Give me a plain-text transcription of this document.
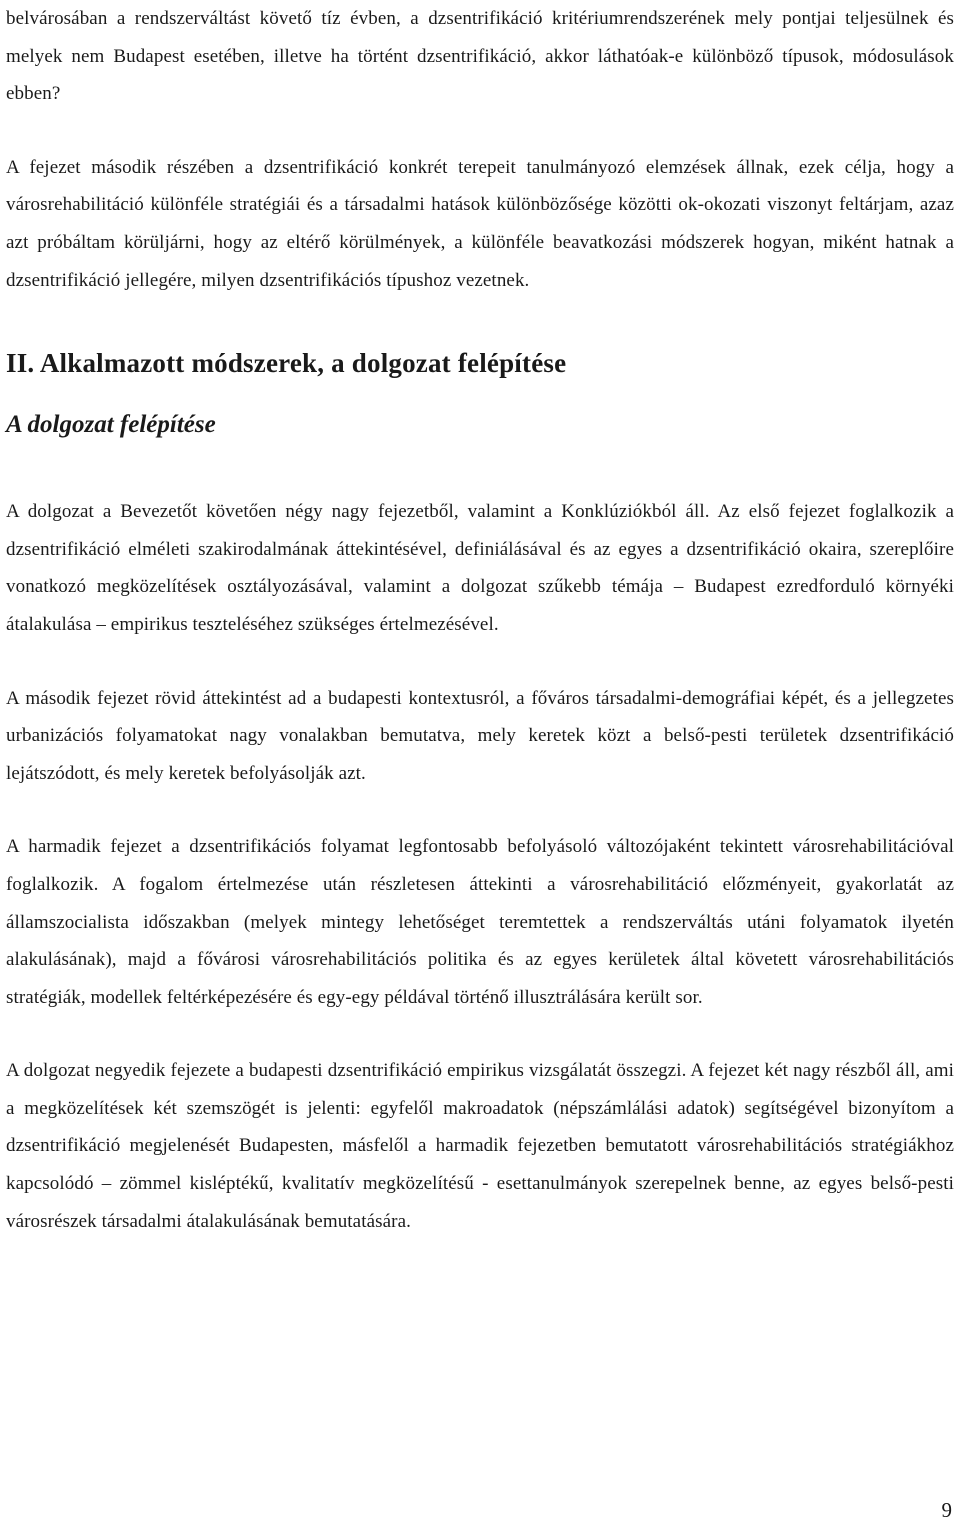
belvárosában a rendszerváltást követő tíz évben, a dzsentrifikáció kritériumrendszerének mely pontjai teljesülnek és melyek nem Budapest esetében, illetve ha történt dzsentrifikáció, akkor láthatóak-e különböző típusok, módosulások ebben?

A fejezet második részében a dzsentrifikáció konkrét terepeit tanulmányozó elemzések állnak, ezek célja, hogy a városrehabilitáció különféle stratégiái és a társadalmi hatások különbözősége közötti ok-okozati viszonyt feltárjam, azaz azt próbáltam körüljárni, hogy az eltérő körülmények, a különféle beavatkozási módszerek hogyan, miként hatnak a dzsentrifikáció jellegére, milyen dzsentrifikációs típushoz vezetnek.

II. Alkalmazott módszerek, a dolgozat felépítése
A dolgozat felépítése

A dolgozat a Bevezetőt követően négy nagy fejezetből, valamint a Konklúziókból áll. Az első fejezet foglalkozik a dzsentrifikáció elméleti szakirodalmának áttekintésével, definiálásával és az egyes a dzsentrifikáció okaira, szereplőire vonatkozó megközelítések osztályozásával, valamint a dolgozat szűkebb témája – Budapest ezredforduló környéki átalakulása – empirikus teszteléséhez szükséges értelmezésével.

A második fejezet rövid áttekintést ad a budapesti kontextusról, a főváros társadalmi-demográfiai képét, és a jellegzetes urbanizációs folyamatokat nagy vonalakban bemutatva, mely keretek közt a belső-pesti területek dzsentrifikáció lejátszódott, és mely keretek befolyásolják azt.

A harmadik fejezet a dzsentrifikációs folyamat legfontosabb befolyásoló változójaként tekintett városrehabilitációval foglalkozik. A fogalom értelmezése után részletesen áttekinti a városrehabilitáció előzményeit, gyakorlatát az államszocialista időszakban (melyek mintegy lehetőséget teremtettek a rendszerváltás utáni folyamatok ilyetén alakulásának), majd a fővárosi városrehabilitációs politika és az egyes kerületek által követett városrehabilitációs stratégiák, modellek feltérképezésére és egy-egy példával történő illusztrálására került sor.

A dolgozat negyedik fejezete a budapesti dzsentrifikáció empirikus vizsgálatát összegzi. A fejezet két nagy részből áll, ami a megközelítések két szemszögét is jelenti: egyfelől makroadatok (népszámlálási adatok) segítségével bizonyítom a dzsentrifikáció megjelenését Budapesten, másfelől a harmadik fejezetben bemutatott városrehabilitációs stratégiákhoz kapcsolódó – zömmel kisléptékű, kvalitatív megközelítésű - esettanulmányok szerepelnek benne, az egyes belső-pesti városrészek társadalmi átalakulásának bemutatására.

9
